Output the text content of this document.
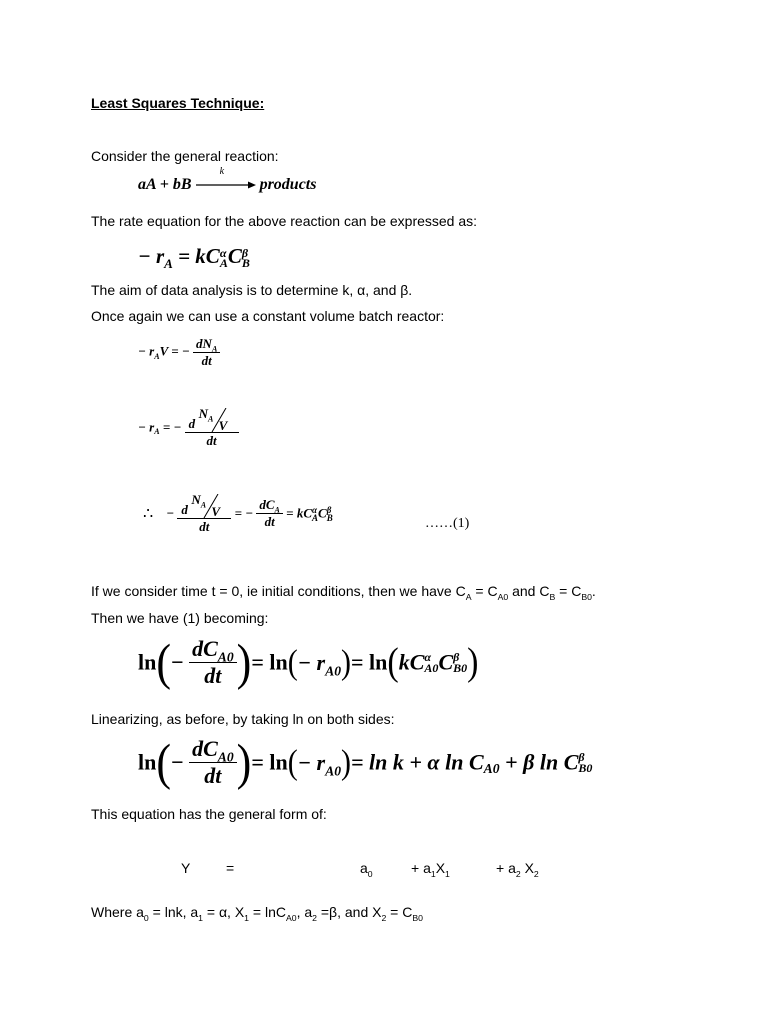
Least Squares Technique:
Consider the general reaction:
aA + bB
k
products
The rate equation for the above reaction can be expressed as:
− $r_A$ = kC α
A C β
B
The aim of data analysis is to determine k, α, and β.
Once again we can use a constant volume batch reactor:
− $r_AV$ = − $\frac{dN_A}{dt}$
− $r_A$ = − d
$N_A$ V
dt
∴ − d
$N_A$ V
dt = − $\frac{dC_A}{dt}$ = kC α
A C β
B	……(1)
If we consider time t = 0, ie initial conditions, then we have $C_A = C_{A0}$ and $C_B = C_{B0}$.
Then we have (1) becoming:
$\ln(- \frac{dC_{A0}}{dt}$ )= $\ln(- r_{A0})= \ln(kC$ α
A0 C β
B0 )
Linearizing, as before, by taking ln on both sides:
$\ln(- \frac{dC_{A0}}{dt}$ )= $\ln(- r_{A0})= \ln k + \alpha$ $\ln C_{A0} + \beta$ ln C β
B0
This equation has the general form of:
Y	=	$a_0$	+ $a_1X_1$	+ $a_2$ $X_2$
Where $a_0 = \ln k$, $a_1 = \alpha$, $X_1 = \ln C_{A0}$, $a_2 =\beta$, and $X_2 = C_{B0}$
